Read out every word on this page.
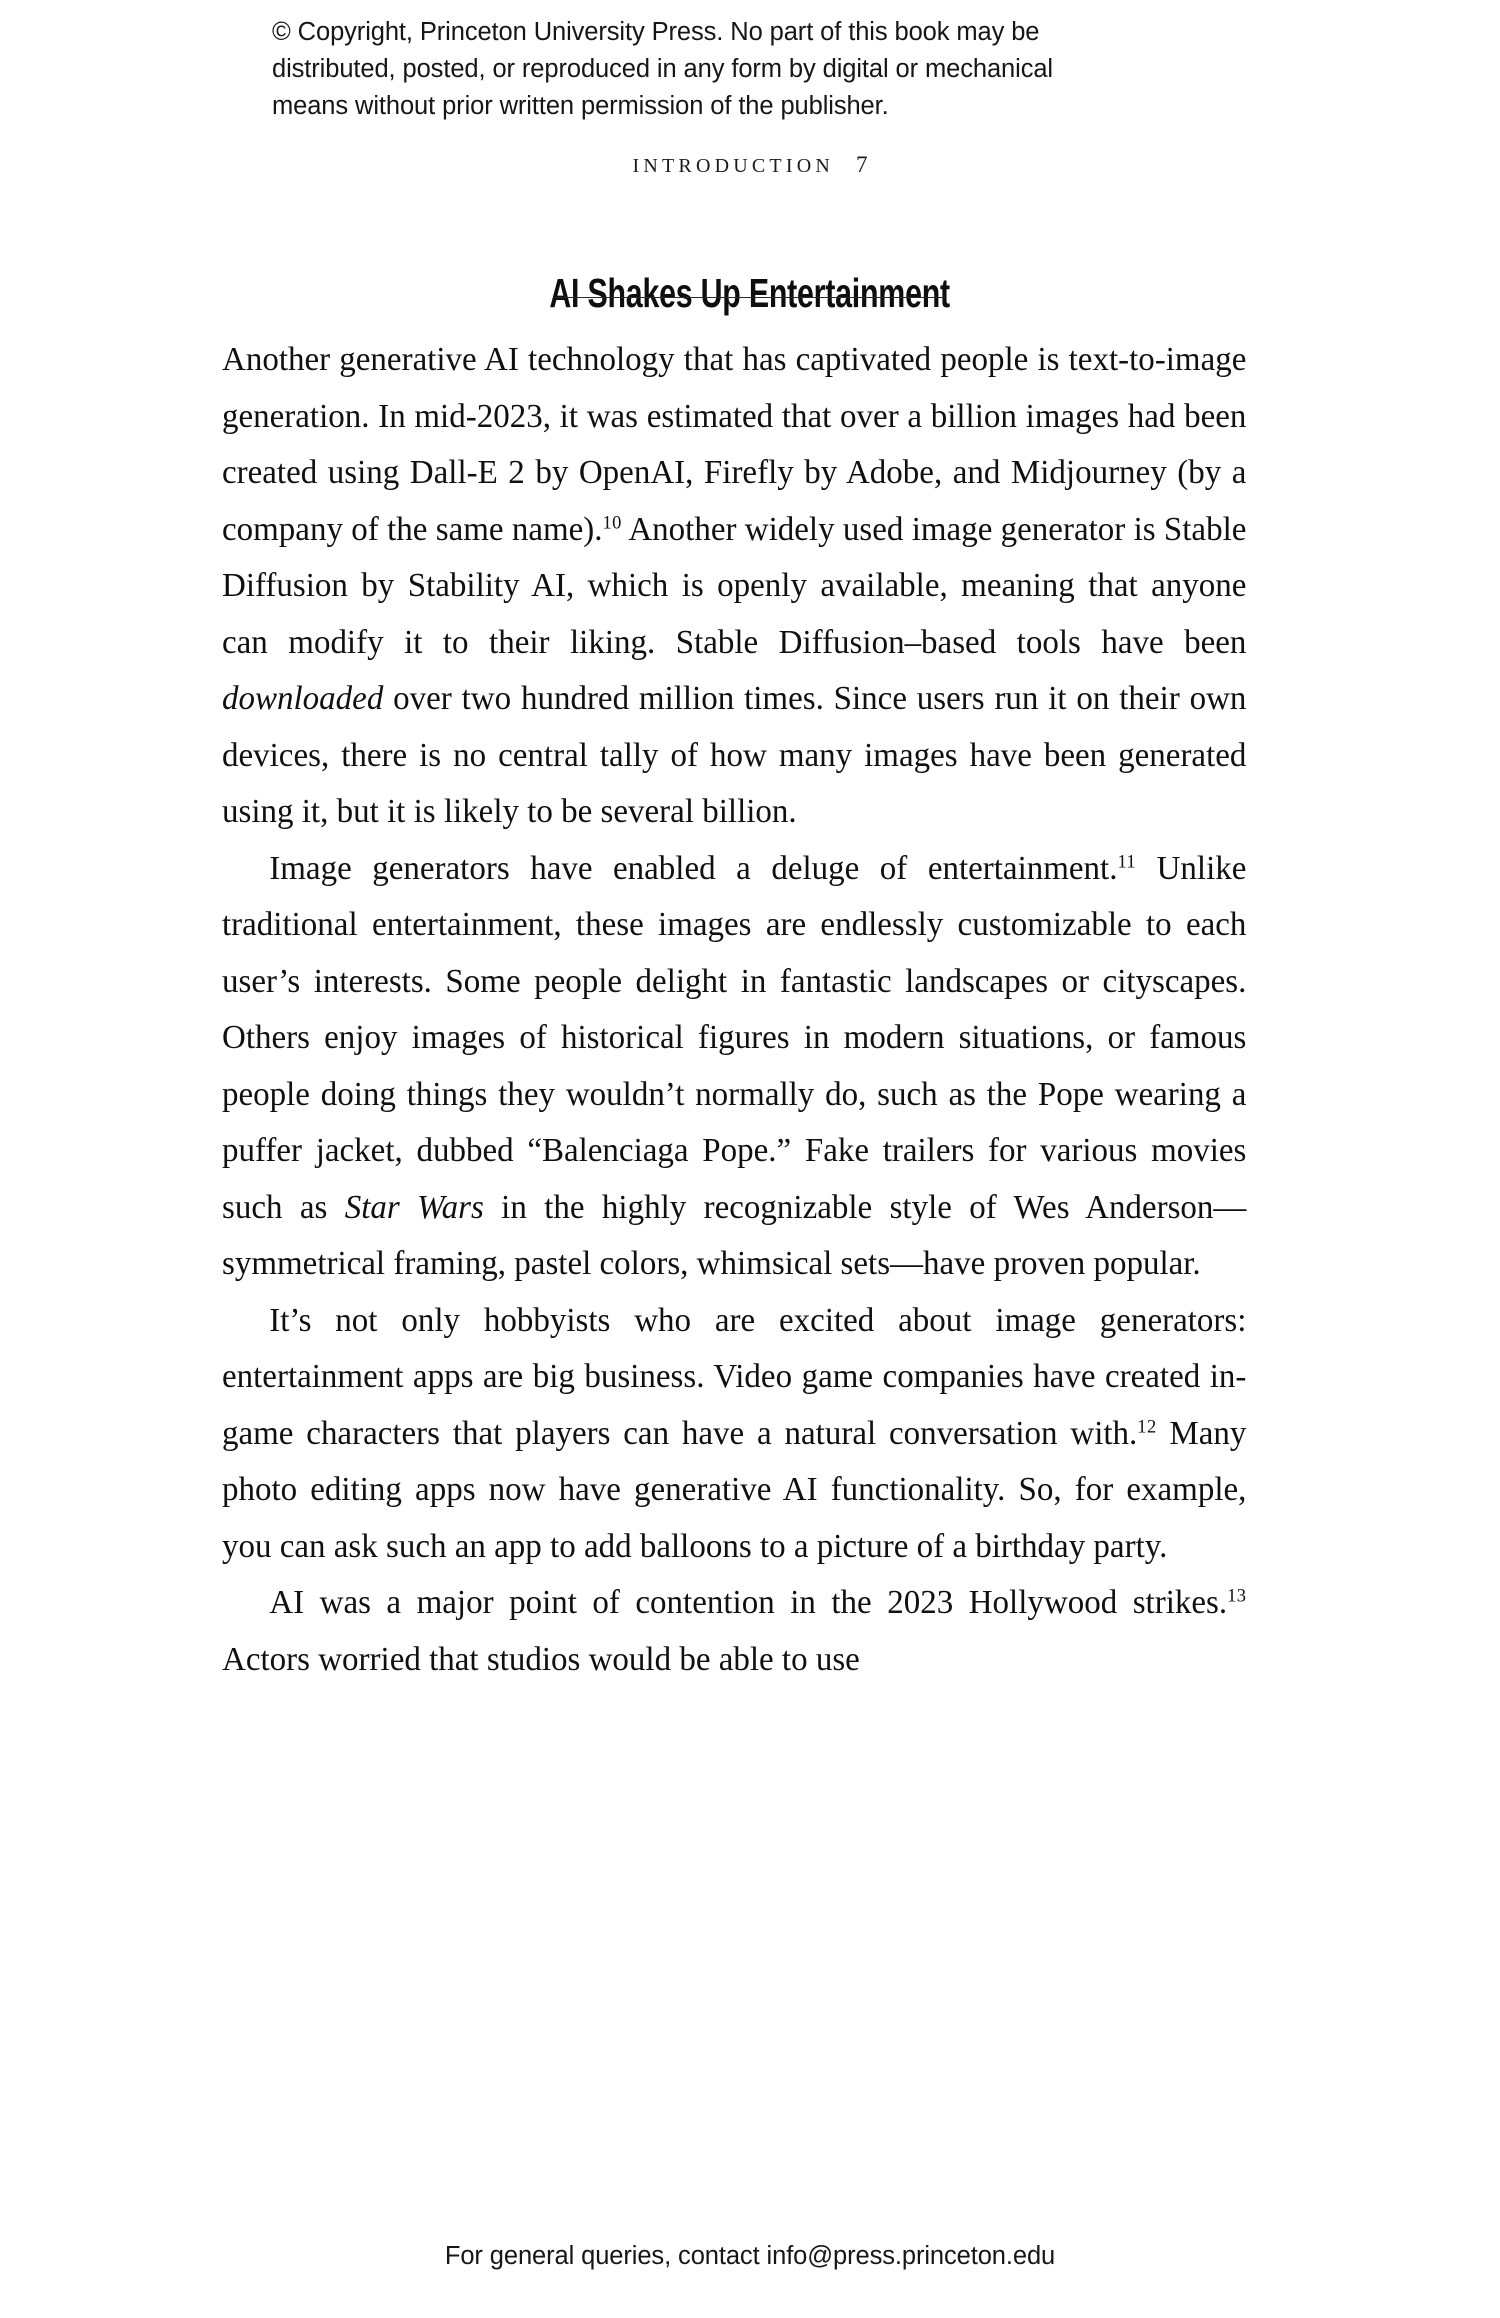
© Copyright, Princeton University Press. No part of this book may be
distributed, posted, or reproduced in any form by digital or mechanical
means without prior written permission of the publisher.
INTRODUCTION 7
AI Shakes Up Entertainment

Another generative AI technology that has captivated people is text-to-image generation. In mid-2023, it was estimated that over a billion images had been created using Dall-E 2 by OpenAI, Firefly by Adobe, and Midjourney (by a company of the same name).$^{10}$ Another widely used image generator is Stable Diffusion by Stability AI, which is openly available, meaning that anyone can modify it to their liking. Stable Diffusion–based tools have been downloaded over two hundred million times. Since users run it on their own devices, there is no central tally of how many images have been generated using it, but it is likely to be several billion.

Image generators have enabled a deluge of entertainment.$^{11}$ Unlike traditional entertainment, these images are endlessly customizable to each user’s interests. Some people delight in fantastic landscapes or cityscapes. Others enjoy images of historical figures in modern situations, or famous people doing things they wouldn’t normally do, such as the Pope wearing a puffer jacket, dubbed “Balenciaga Pope.” Fake trailers for various movies such as Star Wars in the highly recognizable style of Wes Anderson—symmetrical framing, pastel colors, whimsical sets—have proven popular.

It’s not only hobbyists who are excited about image generators: entertainment apps are big business. Video game companies have created in-game characters that players can have a natural conversation with.$^{12}$ Many photo editing apps now have generative AI functionality. So, for example, you can ask such an app to add balloons to a picture of a birthday party.

AI was a major point of contention in the 2023 Hollywood strikes.$^{13}$ Actors worried that studios would be able to use

For general queries, contact info@press.princeton.edu
